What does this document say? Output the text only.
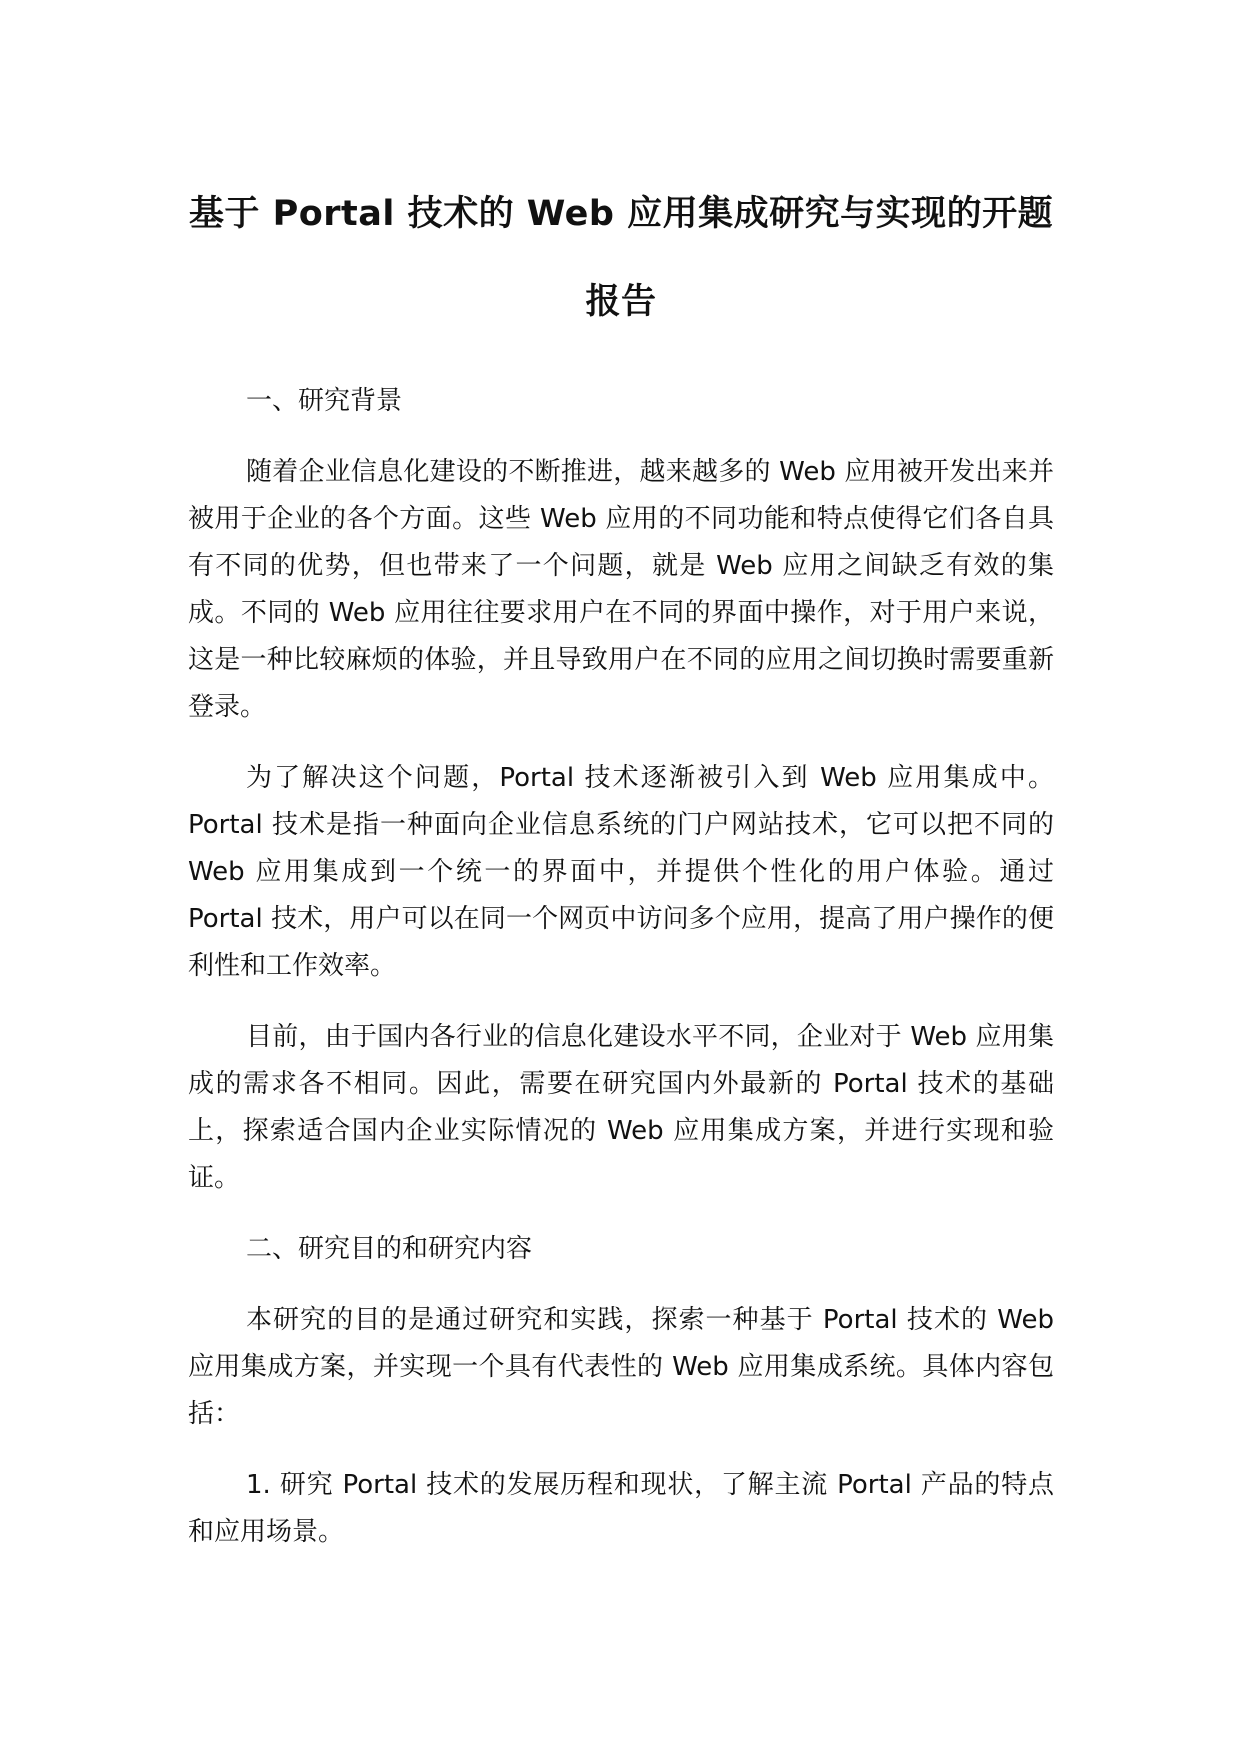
基于 Portal 技术的 Web 应用集成研究与实现的开题报告

一、研究背景

随着企业信息化建设的不断推进，越来越多的 Web 应用被开发出来并被用于企业的各个方面。这些 Web 应用的不同功能和特点使得它们各自具有不同的优势，但也带来了一个问题，就是 Web 应用之间缺乏有效的集成。不同的 Web 应用往往要求用户在不同的界面中操作，对于用户来说，这是一种比较麻烦的体验，并且导致用户在不同的应用之间切换时需要重新登录。

为了解决这个问题，Portal 技术逐渐被引入到 Web 应用集成中。Portal 技术是指一种面向企业信息系统的门户网站技术，它可以把不同的 Web 应用集成到一个统一的界面中，并提供个性化的用户体验。通过 Portal 技术，用户可以在同一个网页中访问多个应用，提高了用户操作的便利性和工作效率。

目前，由于国内各行业的信息化建设水平不同，企业对于 Web 应用集成的需求各不相同。因此，需要在研究国内外最新的 Portal 技术的基础上，探索适合国内企业实际情况的 Web 应用集成方案，并进行实现和验证。

二、研究目的和研究内容

本研究的目的是通过研究和实践，探索一种基于 Portal 技术的 Web 应用集成方案，并实现一个具有代表性的 Web 应用集成系统。具体内容包括：

1. 研究 Portal 技术的发展历程和现状，了解主流 Portal 产品的特点和应用场景。
